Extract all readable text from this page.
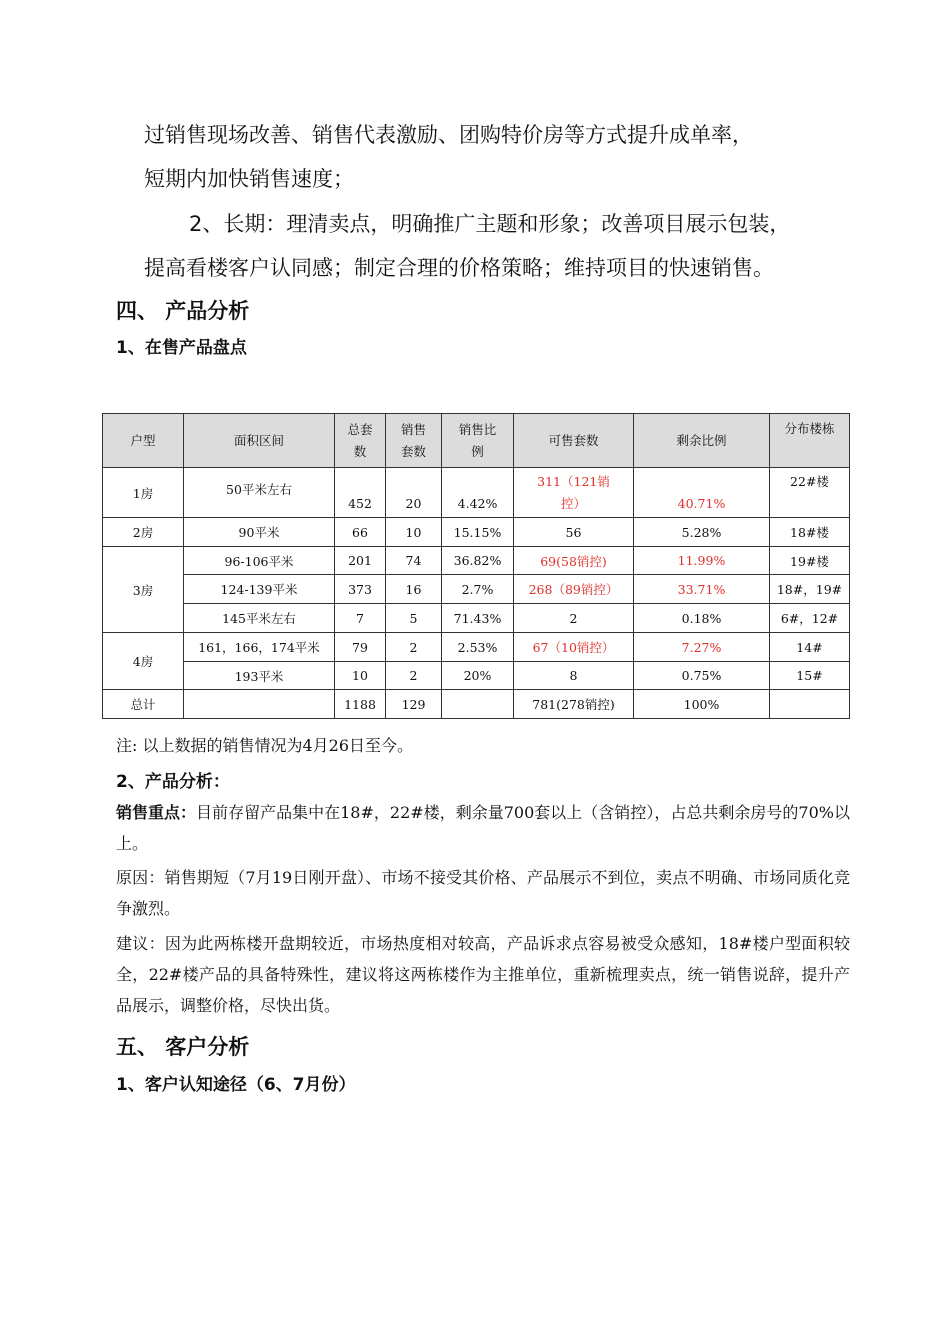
过销售现场改善、销售代表激励、团购特价房等方式提升成单率，
短期内加快销售速度；
2、长期：理清卖点，明确推广主题和形象；改善项目展示包装，
提高看楼客户认同感；制定合理的价格策略；维持项目的快速销售。
四、 产品分析
1、在售产品盘点
户型	面积区间	总套数	销售套数	销售比例	可售套数	剩余比例	分布楼栋
1房	50平米左右	452	20	4.42%	311（121销控）	40.71%	22#楼
2房	90平米	66	10	15.15%	56	5.28%	18#楼
3房	96-106平米	201	74	36.82%	69(58销控)	11.99%	19#楼
	124-139平米	373	16	2.7%	268（89销控）	33.71%	18#，19#
	145平米左右	7	5	71.43%	2	0.18%	6#，12#
4房	161，166，174平米	79	2	2.53%	67（10销控）	7.27%	14#
	193平米	10	2	20%	8	0.75%	15#
总计		1188	129		781(278销控)	100%	
注: 以上数据的销售情况为4月26日至今。
2、产品分析：
销售重点：目前存留产品集中在18#，22#楼，剩余量700套以上（含销控），占总共剩余房号的70%以上。
原因：销售期短（7月19日刚开盘）、市场不接受其价格、产品展示不到位，卖点不明确、市场同质化竞争激烈。
建议：因为此两栋楼开盘期较近，市场热度相对较高，产品诉求点容易被受众感知，18#楼户型面积较全，22#楼产品的具备特殊性，建议将这两栋楼作为主推单位，重新梳理卖点，统一销售说辞，提升产品展示，调整价格，尽快出货。
五、 客户分析
1、客户认知途径（6、7月份）
